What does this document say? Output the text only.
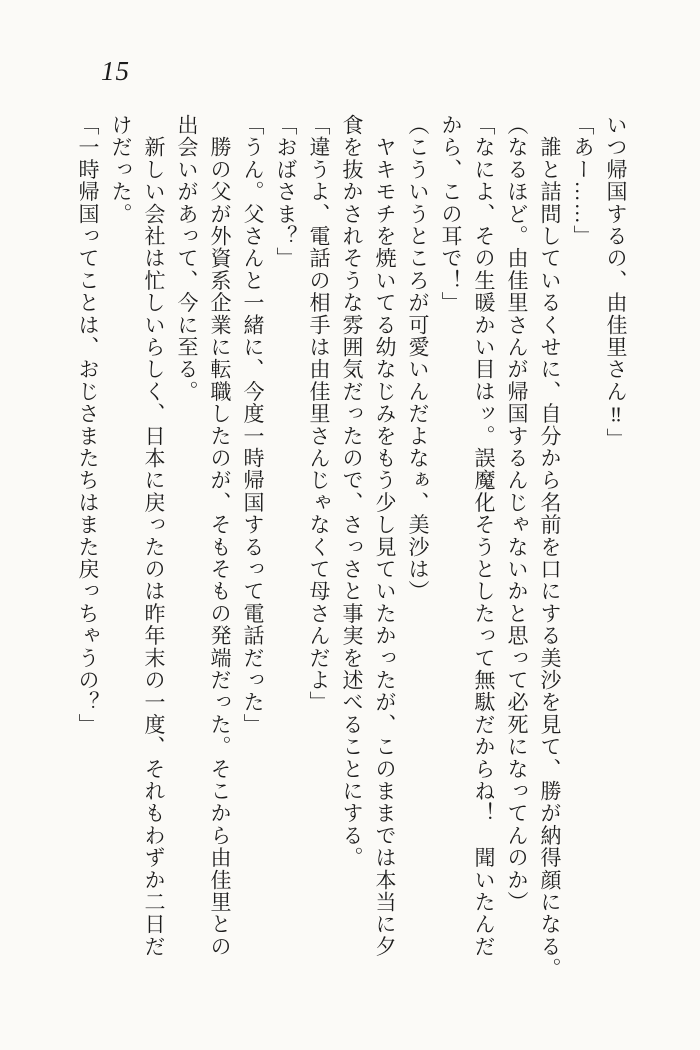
15
いつ帰国するの、由佳里さん‼」
「あー……」
　誰と詰問しているくせに、自分から名前を口にする美沙を見て、勝が納得顔になる。
（なるほど。由佳里さんが帰国するんじゃないかと思って必死になってんのか）
「なによ、その生暖かい目はッ。誤魔化そうとしたって無駄だからね！　聞いたんだ
から、この耳で！」
（こういうところが可愛いんだよなぁ、美沙は）
　ヤキモチを焼いてる幼なじみをもう少し見ていたかったが、このままでは本当に夕
食を抜かされそうな雰囲気だったので、さっさと事実を述べることにする。
「違うよ、電話の相手は由佳里さんじゃなくて母さんだよ」
「おばさま？」
「うん。父さんと一緒に、今度一時帰国するって電話だった」
　勝の父が外資系企業に転職したのが、そもそもの発端だった。そこから由佳里との
出会いがあって、今に至る。
　新しい会社は忙しいらしく、日本に戻ったのは昨年末の一度、それもわずか二日だ
けだった。
「一時帰国ってことは、おじさまたちはまた戻っちゃうの？」
